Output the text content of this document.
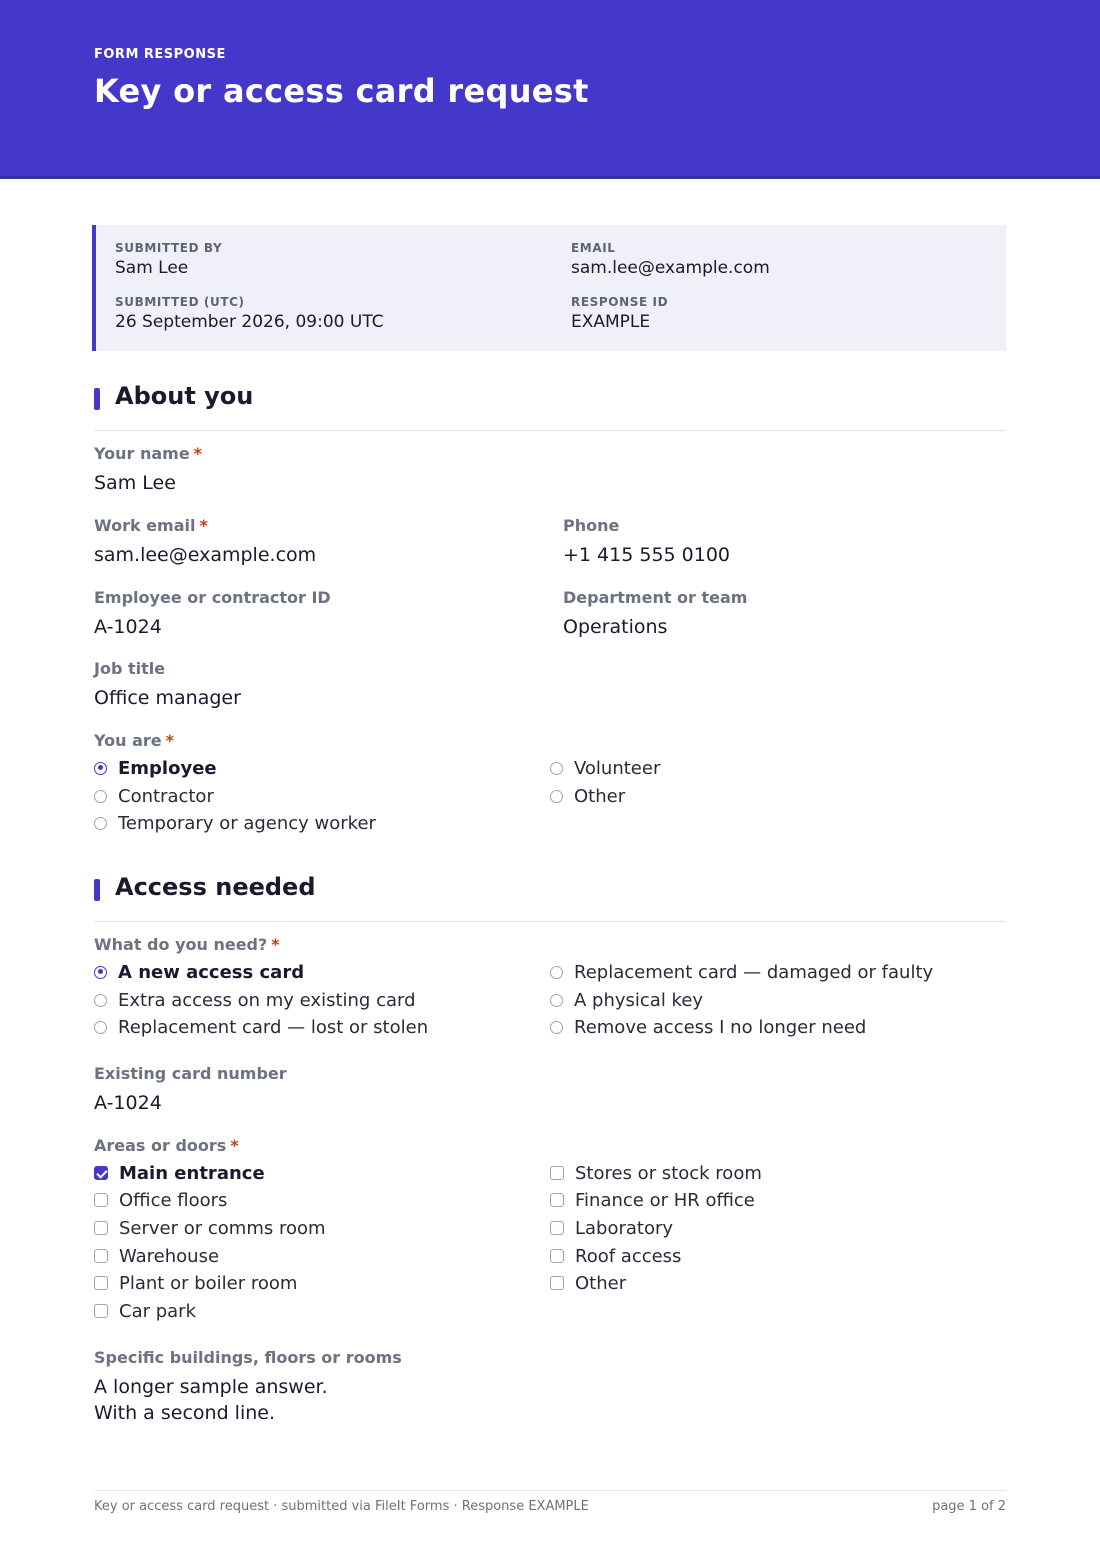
FORM RESPONSE
Key or access card request
SUBMITTED BY
Sam Lee
EMAIL
sam.lee@example.com
SUBMITTED (UTC)
26 September 2026, 09:00 UTC
RESPONSE ID
EXAMPLE
About you
Your name *
Sam Lee
Work email *
sam.lee@example.com
Phone
+1 415 555 0100
Employee or contractor ID
A-1024
Department or team
Operations
Job title
Office manager
You are *
Employee
Contractor
Temporary or agency worker
Volunteer
Other
Access needed
What do you need? *
A new access card
Extra access on my existing card
Replacement card — lost or stolen
Replacement card — damaged or faulty
A physical key
Remove access I no longer need
Existing card number
A-1024
Areas or doors *
Main entrance
Office floors
Server or comms room
Warehouse
Plant or boiler room
Car park
Stores or stock room
Finance or HR office
Laboratory
Roof access
Other
Specific buildings, floors or rooms
A longer sample answer.
With a second line.
Key or access card request · submitted via FileIt Forms · Response EXAMPLE	page 1 of 2
